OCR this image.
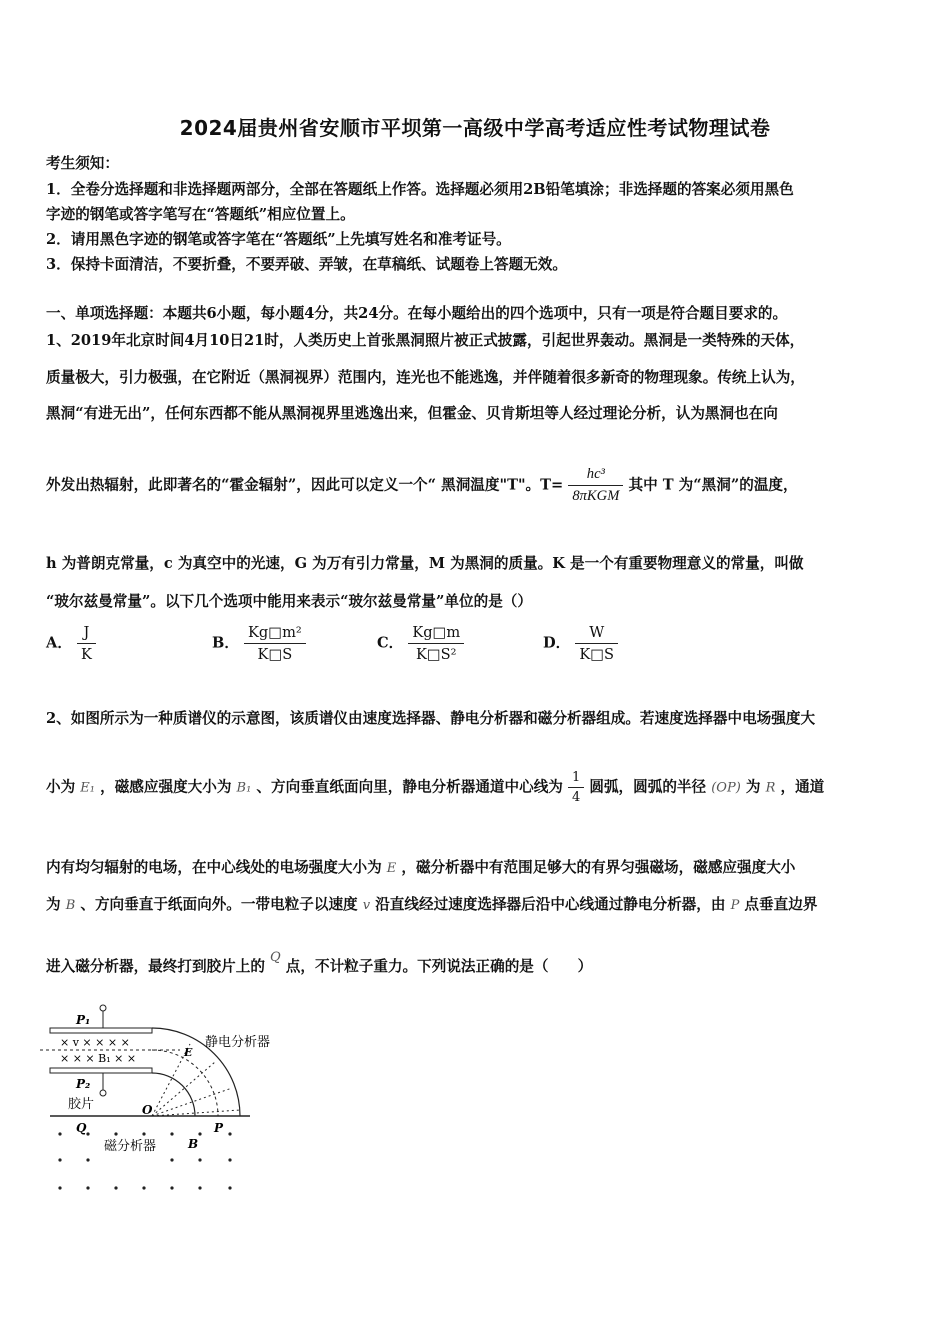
2024届贵州省安顺市平坝第一高级中学高考适应性考试物理试卷
考生须知：
1．全卷分选择题和非选择题两部分，全部在答题纸上作答。选择题必须用2B铅笔填涂；非选择题的答案必须用黑色
字迹的钢笔或答字笔写在“答题纸”相应位置上。
2．请用黑色字迹的钢笔或答字笔在“答题纸”上先填写姓名和准考证号。
3．保持卡面清洁，不要折叠，不要弄破、弄皱，在草稿纸、试题卷上答题无效。
一、单项选择题：本题共6小题，每小题4分，共24分。在每小题给出的四个选项中，只有一项是符合题目要求的。
1、2019年北京时间4月10日21时，人类历史上首张黑洞照片被正式披露，引起世界轰动。黑洞是一类特殊的天体，
质量极大，引力极强，在它附近（黑洞视界）范围内，连光也不能逃逸，并伴随着很多新奇的物理现象。传统上认为，
黑洞“有进无出”，任何东西都不能从黑洞视界里逃逸出来，但霍金、贝肯斯坦等人经过理论分析，认为黑洞也在向
外发出热辐射，此即著名的“霍金辐射”，因此可以定义一个“ 黑洞温度"T"。$T= \frac{\text{hc³}}{\text{8πKGM}}$ 其中 T 为“黑洞”的温度，
h 为普朗克常量，c 为真空中的光速，G 为万有引力常量，M 为黑洞的质量。K 是一个有重要物理意义的常量，叫做
“玻尔兹曼常量”。以下几个选项中能用来表示“玻尔兹曼常量”单位的是（）
A． $\frac{J}{K}$	B． $\frac{\text{Kg□m²}}{K□S}$	C． $\frac{Kg□m}{\text{K□S²}}$	D． $\frac{W}{K□S}$
2、如图所示为一种质谱仪的示意图，该质谱仪由速度选择器、静电分析器和磁分析器组成。若速度选择器中电场强度大
小为 E₁ ，磁感应强度大小为 B₁ 、方向垂直纸面向里，静电分析器通道中心线为 $\frac{1}{4}$ 圆弧，圆弧的半径 (OP) 为 R ，通道
内有均匀辐射的电场，在中心线处的电场强度大小为 E ，磁分析器中有范围足够大的有界匀强磁场，磁感应强度大小
为 B 、方向垂直于纸面向外。一带电粒子以速度 v 沿直线经过速度选择器后沿中心线通过静电分析器，由 P 点垂直边界
进入磁分析器，最终打到胶片上的 Q 点，不计粒子重力。下列说法正确的是（　　）
P₁
P₂
× v × × × ×
× × × B₁ × ×	E
静电分析器
胶片	O
Q	P
磁分析器	B
